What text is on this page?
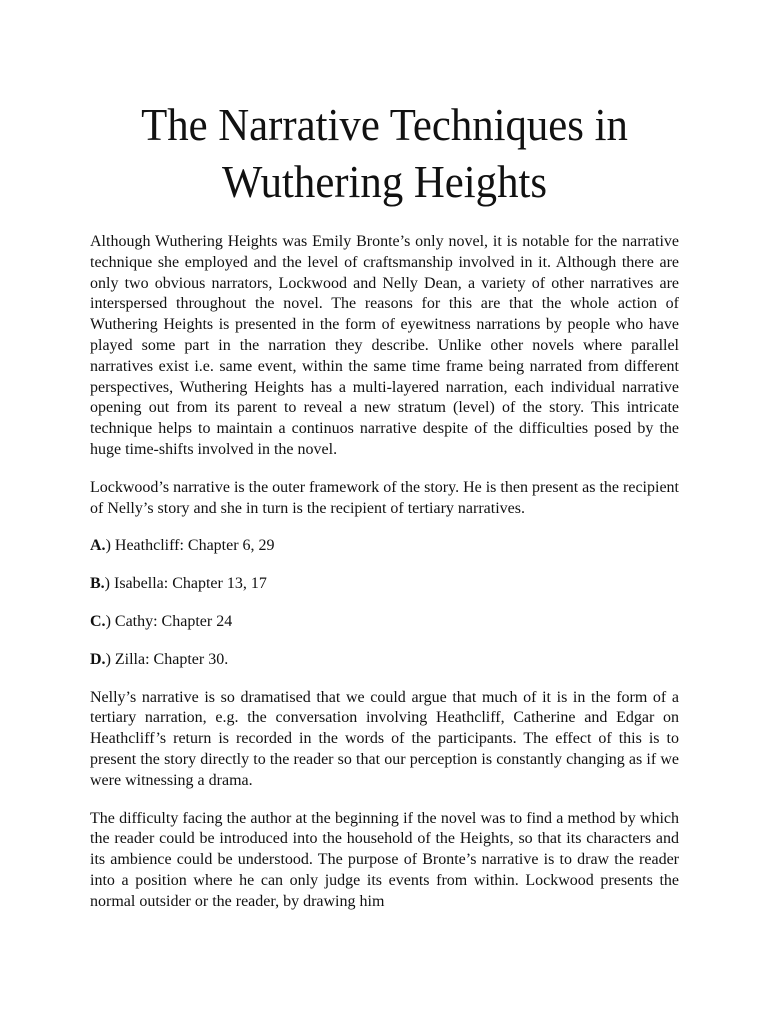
The Narrative Techniques in
Wuthering Heights

Although Wuthering Heights was Emily Bronte’s only novel, it is notable for the narrative technique she employed and the level of craftsmanship involved in it. Although there are only two obvious narrators, Lockwood and Nelly Dean, a variety of other narratives are interspersed throughout the novel. The reasons for this are that the whole action of Wuthering Heights is presented in the form of eyewitness narrations by people who have played some part in the narration they describe. Unlike other novels where parallel narratives exist i.e. same event, within the same time frame being narrated from different perspectives, Wuthering Heights has a multi-layered narration, each individual narrative opening out from its parent to reveal a new stratum (level) of the story. This intricate technique helps to maintain a continuos narrative despite of the difficulties posed by the huge time-shifts involved in the novel.

Lockwood’s narrative is the outer framework of the story. He is then present as the recipient of Nelly’s story and she in turn is the recipient of tertiary narratives.

A.) Heathcliff: Chapter 6, 29

B.) Isabella: Chapter 13, 17

C.) Cathy: Chapter 24

D.) Zilla: Chapter 30.

Nelly’s narrative is so dramatised that we could argue that much of it is in the form of a tertiary narration, e.g. the conversation involving Heathcliff, Catherine and Edgar on Heathcliff’s return is recorded in the words of the participants. The effect of this is to present the story directly to the reader so that our perception is constantly changing as if we were witnessing a drama.

The difficulty facing the author at the beginning if the novel was to find a method by which the reader could be introduced into the household of the Heights, so that its characters and its ambience could be understood. The purpose of Bronte’s narrative is to draw the reader into a position where he can only judge its events from within. Lockwood presents the normal outsider or the reader, by drawing him
